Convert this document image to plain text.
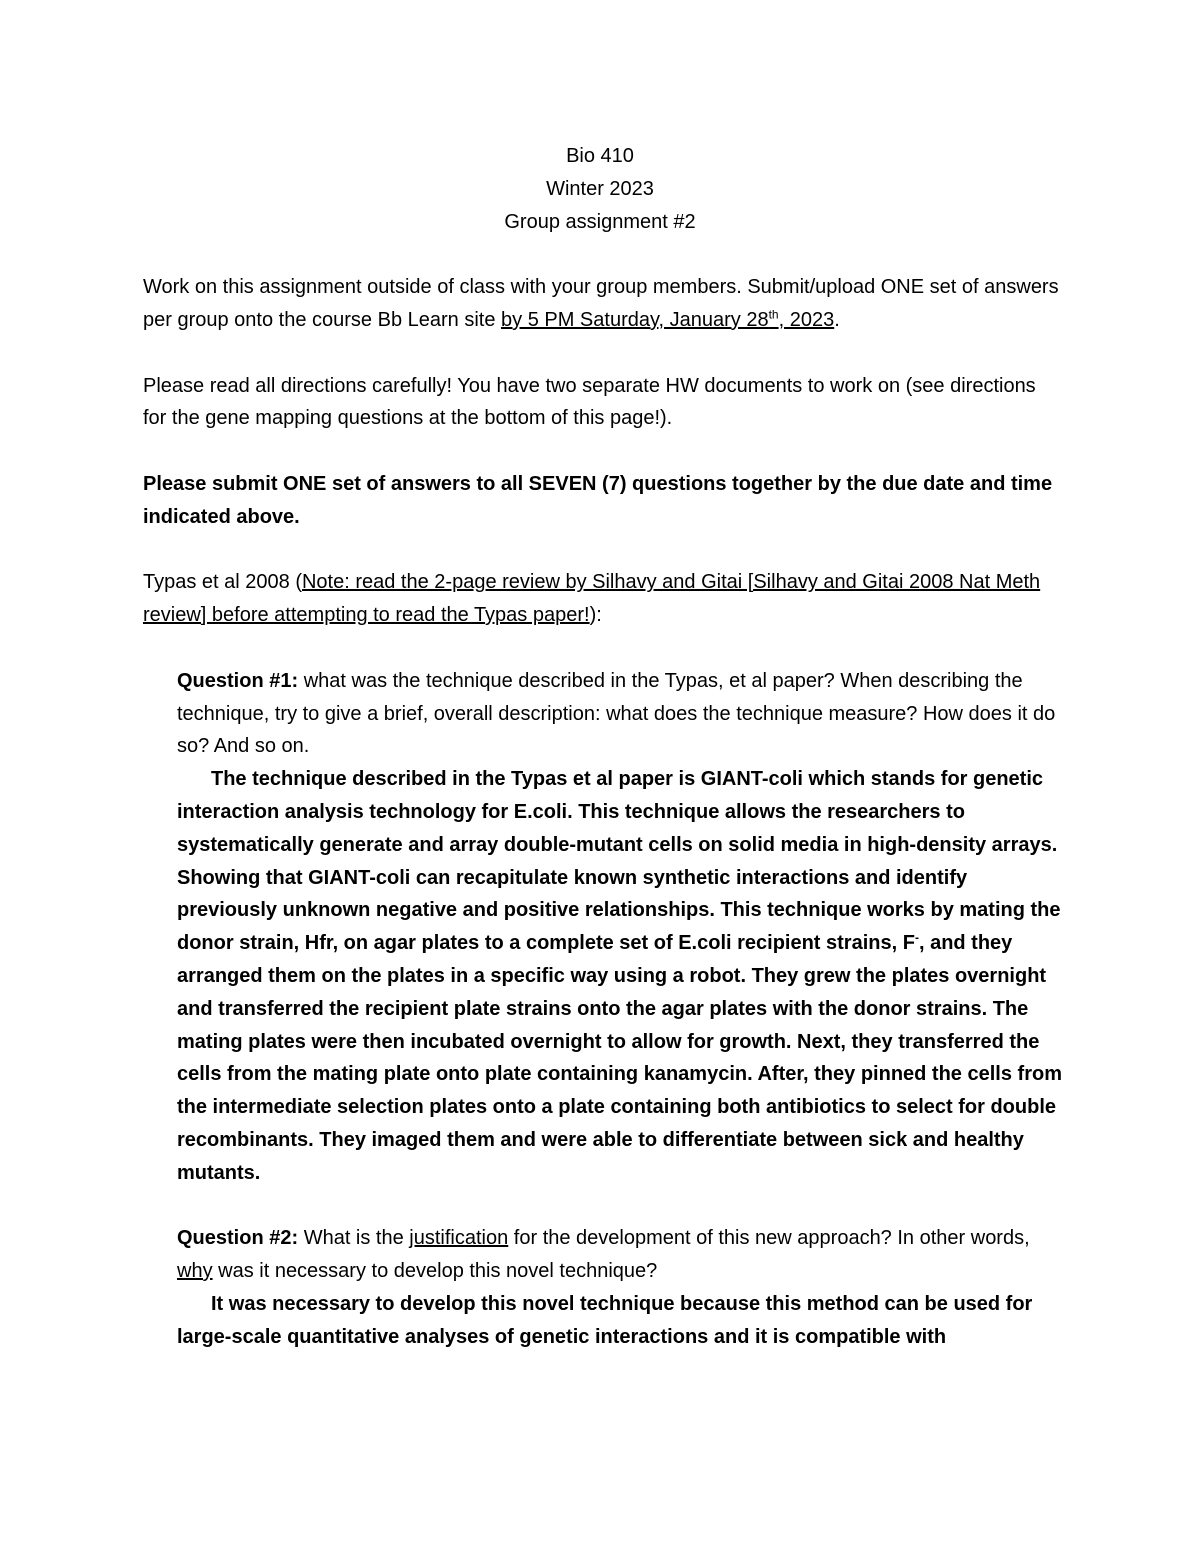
Bio 410
Winter 2023
Group assignment #2

Work on this assignment outside of class with your group members. Submit/upload ONE set of answers per group onto the course Bb Learn site by 5 PM Saturday, January 28th, 2023.

Please read all directions carefully! You have two separate HW documents to work on (see directions for the gene mapping questions at the bottom of this page!).

Please submit ONE set of answers to all SEVEN (7) questions together by the due date and time indicated above.

Typas et al 2008 (Note: read the 2-page review by Silhavy and Gitai [Silhavy and Gitai 2008 Nat Meth review] before attempting to read the Typas paper!):

Question #1: what was the technique described in the Typas, et al paper? When describing the technique, try to give a brief, overall description: what does the technique measure? How does it do so? And so on.

The technique described in the Typas et al paper is GIANT-coli which stands for genetic interaction analysis technology for E.coli. This technique allows the researchers to systematically generate and array double-mutant cells on solid media in high-density arrays. Showing that GIANT-coli can recapitulate known synthetic interactions and identify previously unknown negative and positive relationships. This technique works by mating the donor strain, Hfr, on agar plates to a complete set of E.coli recipient strains, F-, and they arranged them on the plates in a specific way using a robot. They grew the plates overnight and transferred the recipient plate strains onto the agar plates with the donor strains. The mating plates were then incubated overnight to allow for growth. Next, they transferred the cells from the mating plate onto plate containing kanamycin. After, they pinned the cells from the intermediate selection plates onto a plate containing both antibiotics to select for double recombinants. They imaged them and were able to differentiate between sick and healthy mutants.

Question #2: What is the justification for the development of this new approach? In other words, why was it necessary to develop this novel technique?

It was necessary to develop this novel technique because this method can be used for large-scale quantitative analyses of genetic interactions and it is compatible with
